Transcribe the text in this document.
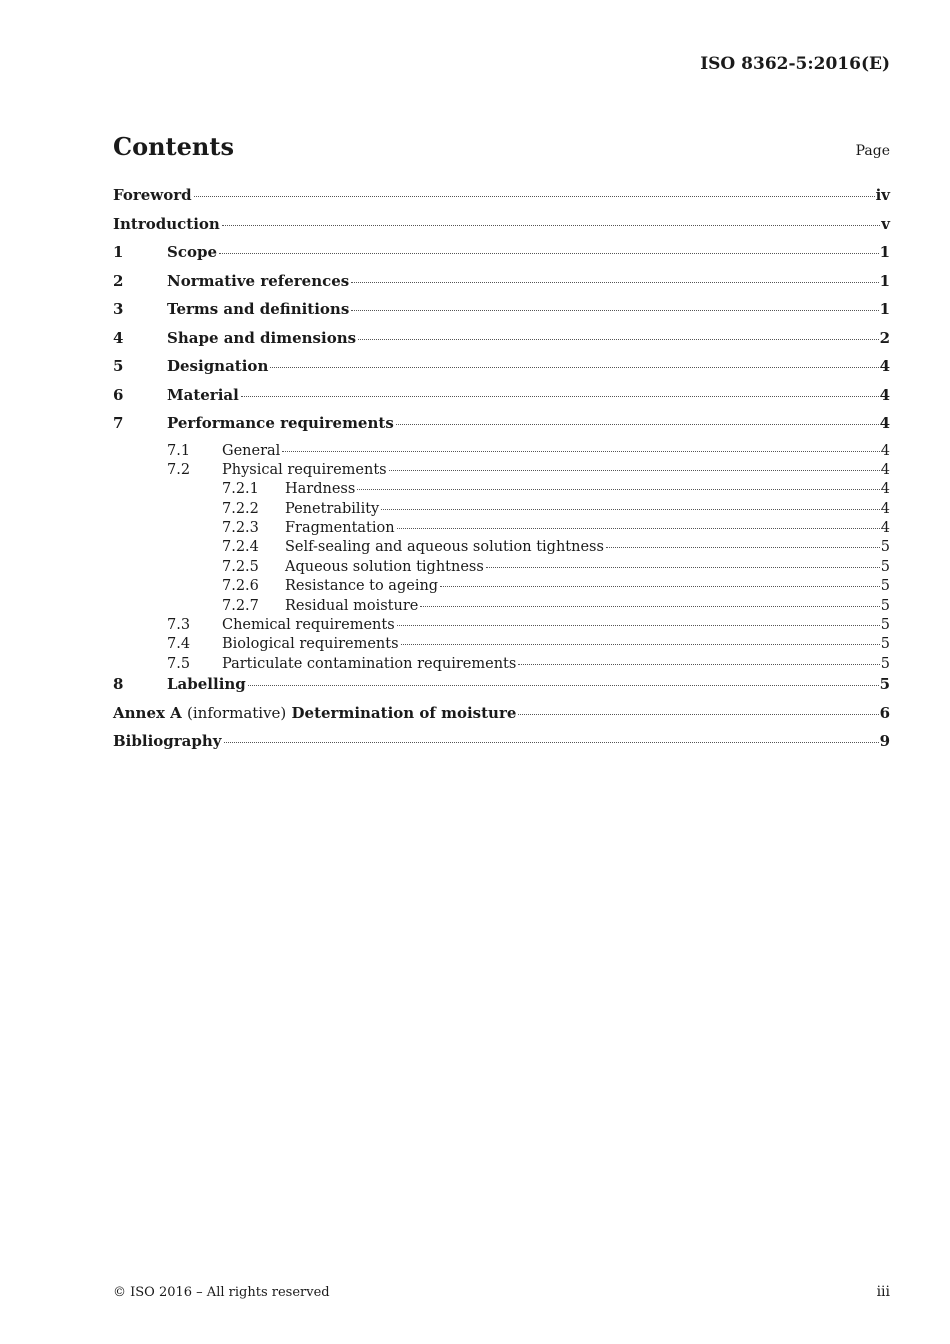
ISO 8362-5:2016(E)
Contents	Page
Foreword	iv
Introduction	v
1	Scope	1
2	Normative references	1
3	Terms and definitions	1
4	Shape and dimensions	2
5	Designation	4
6	Material	4
7	Performance requirements	4
7.1	General	4
7.2	Physical requirements	4
7.2.1	Hardness	4
7.2.2	Penetrability	4
7.2.3	Fragmentation	4
7.2.4	Self-sealing and aqueous solution tightness	5
7.2.5	Aqueous solution tightness	5
7.2.6	Resistance to ageing	5
7.2.7	Residual moisture	5
7.3	Chemical requirements	5
7.4	Biological requirements	5
7.5	Particulate contamination requirements	5
8	Labelling	5
Annex A (informative) Determination of moisture	6
Bibliography	9
© ISO 2016 – All rights reserved	iii
